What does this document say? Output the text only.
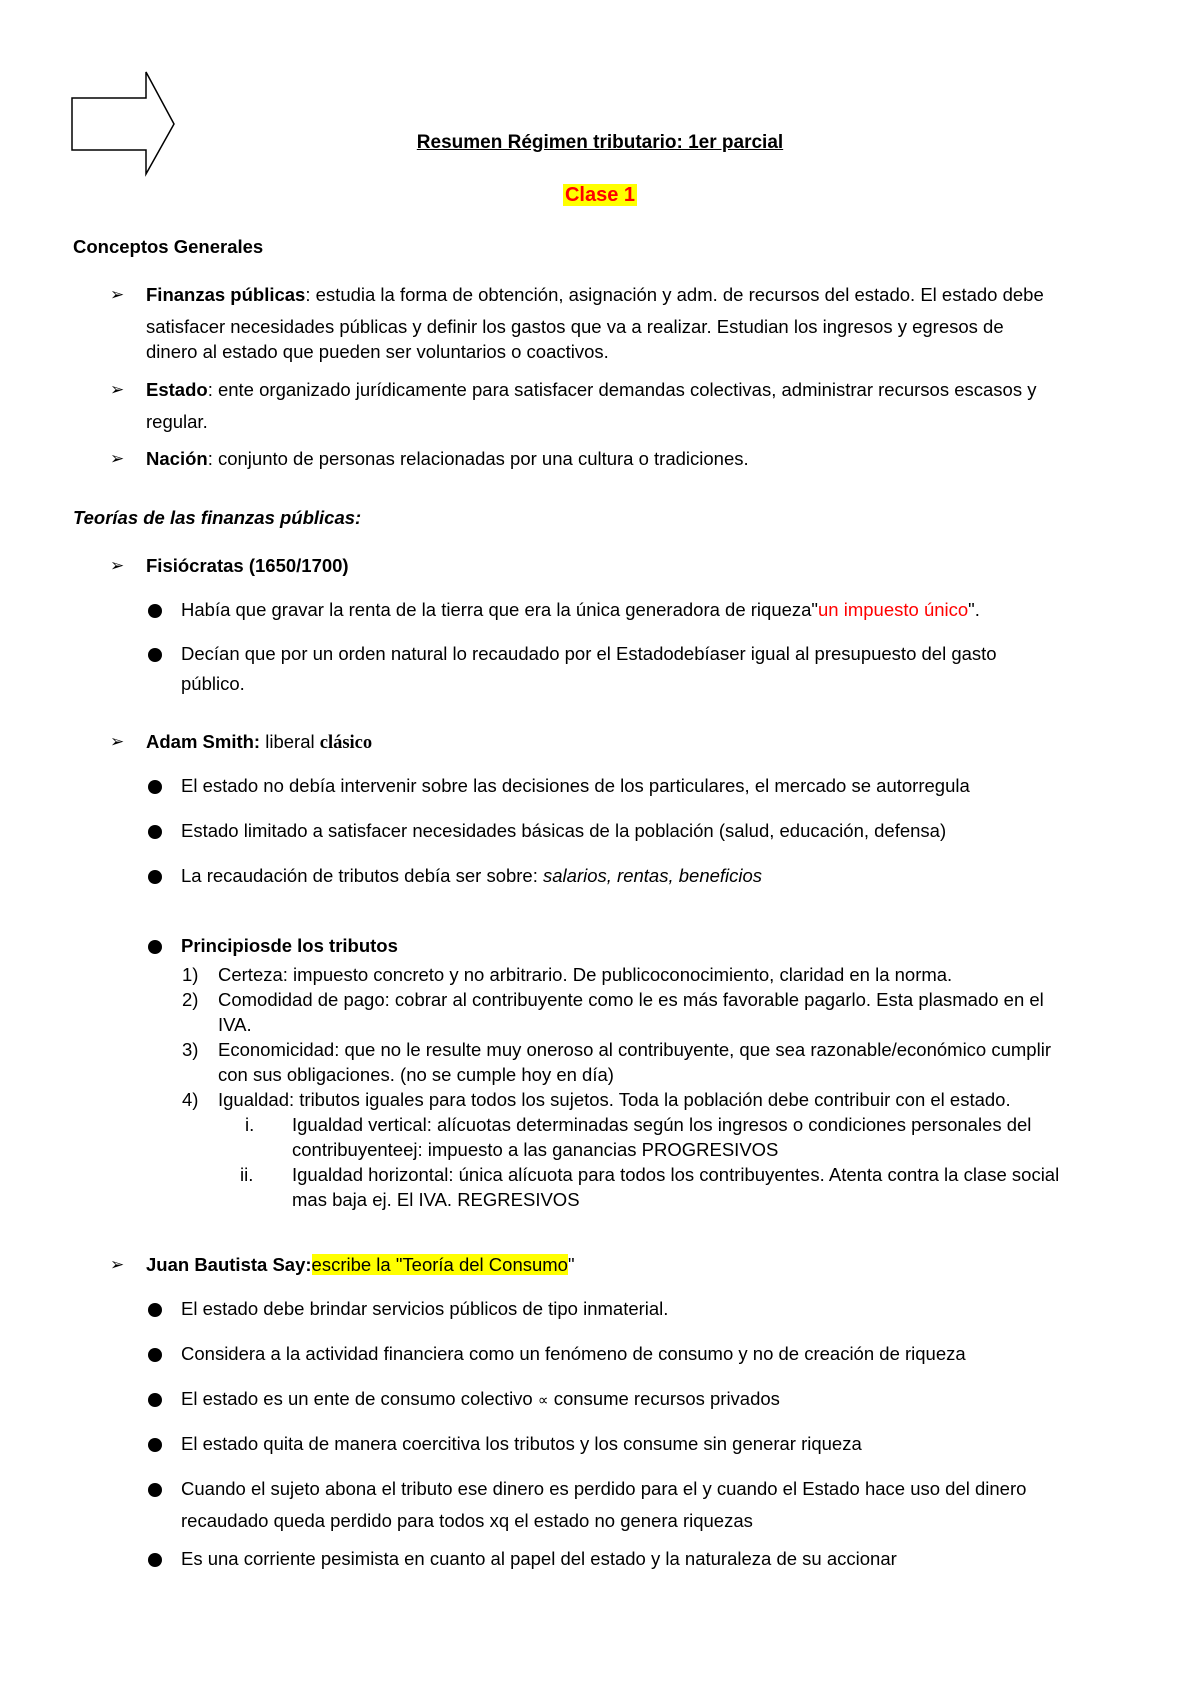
Resumen Régimen tributario: 1er parcial
Clase 1
Conceptos Generales
➢ Finanzas públicas: estudia la forma de obtención, asignación y adm. de recursos del estado. El estado debe
satisfacer necesidades públicas y definir los gastos que va a realizar. Estudian los ingresos y egresos de
dinero al estado que pueden ser voluntarios o coactivos.
➢ Estado: ente organizado jurídicamente para satisfacer demandas colectivas, administrar recursos escasos y
regular.
➢ Nación: conjunto de personas relacionadas por una cultura o tradiciones.
Teorías de las finanzas públicas:
➢ Fisiócratas (1650/1700)
Había que gravar la renta de la tierra que era la única generadora de riqueza"un impuesto único".
Decían que por un orden natural lo recaudado por el Estadodebíaser igual al presupuesto del gasto
público.
➢ Adam Smith: liberal clásico
El estado no debía intervenir sobre las decisiones de los particulares, el mercado se autorregula
Estado limitado a satisfacer necesidades básicas de la población (salud, educación, defensa)
La recaudación de tributos debía ser sobre: salarios, rentas, beneficios
Principiosde los tributos
1) Certeza: impuesto concreto y no arbitrario. De publicoconocimiento, claridad en la norma.
2) Comodidad de pago: cobrar al contribuyente como le es más favorable pagarlo. Esta plasmado en el
IVA.
3) Economicidad: que no le resulte muy oneroso al contribuyente, que sea razonable/económico cumplir
con sus obligaciones. (no se cumple hoy en día)
4) Igualdad: tributos iguales para todos los sujetos. Toda la población debe contribuir con el estado.
i. Igualdad vertical: alícuotas determinadas según los ingresos o condiciones personales del
contribuyenteej: impuesto a las ganancias PROGRESIVOS
ii. Igualdad horizontal: única alícuota para todos los contribuyentes. Atenta contra la clase social
mas baja ej. El IVA. REGRESIVOS
➢ Juan Bautista Say:escribe la "Teoría del Consumo"
El estado debe brindar servicios públicos de tipo inmaterial.
Considera a la actividad financiera como un fenómeno de consumo y no de creación de riqueza
El estado es un ente de consumo colectivo ∝ consume recursos privados
El estado quita de manera coercitiva los tributos y los consume sin generar riqueza
Cuando el sujeto abona el tributo ese dinero es perdido para el y cuando el Estado hace uso del dinero
recaudado queda perdido para todos xq el estado no genera riquezas
Es una corriente pesimista en cuanto al papel del estado y la naturaleza de su accionar
